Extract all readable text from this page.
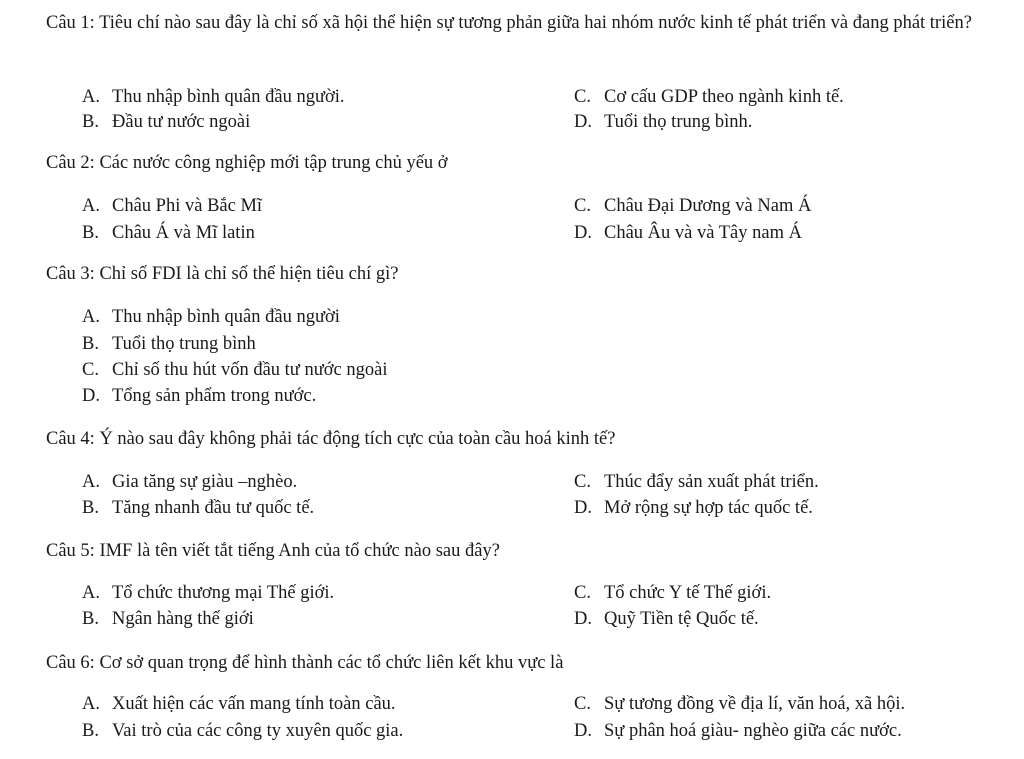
Câu 1: Tiêu chí nào sau đây là chỉ số xã hội thể hiện sự tương phản giữa hai nhóm nước kinh tế phát triển và đang phát triển?
A. Thu nhập bình quân đầu người.	C. Cơ cấu GDP theo ngành kinh tế.
B. Đầu tư nước ngoài	D. Tuổi thọ trung bình.
Câu 2: Các nước công nghiệp mới tập trung chủ yếu ở
A. Châu Phi và Bắc Mĩ	C. Châu Đại Dương và Nam Á
B. Châu Á và Mĩ latin	D. Châu Âu và và Tây nam Á
Câu 3: Chỉ số FDI là chỉ số thể hiện tiêu chí gì?
A. Thu nhập bình quân đầu người
B. Tuổi thọ trung bình
C. Chỉ số thu hút vốn đầu tư nước ngoài
D. Tổng sản phẩm trong nước.
Câu 4: Ý nào sau đây không phải tác động tích cực của toàn cầu hoá kinh tế?
A. Gia tăng sự giàu –nghèo.	C. Thúc đẩy sản xuất phát triển.
B. Tăng nhanh đầu tư quốc tế.	D. Mở rộng sự hợp tác quốc tế.
Câu 5: IMF là tên viết tắt tiếng Anh của tổ chức nào sau đây?
A. Tổ chức thương mại Thế giới.	C. Tổ chức Y tế Thế giới.
B. Ngân hàng thế giới	D. Quỹ Tiền tệ Quốc tế.
Câu 6: Cơ sở quan trọng để hình thành các tổ chức liên kết khu vực là
A. Xuất hiện các vấn mang tính toàn cầu.	C. Sự tương đồng về địa lí, văn hoá, xã hội.
B. Vai trò của các công ty xuyên quốc gia.	D. Sự phân hoá giàu- nghèo giữa các nước.
